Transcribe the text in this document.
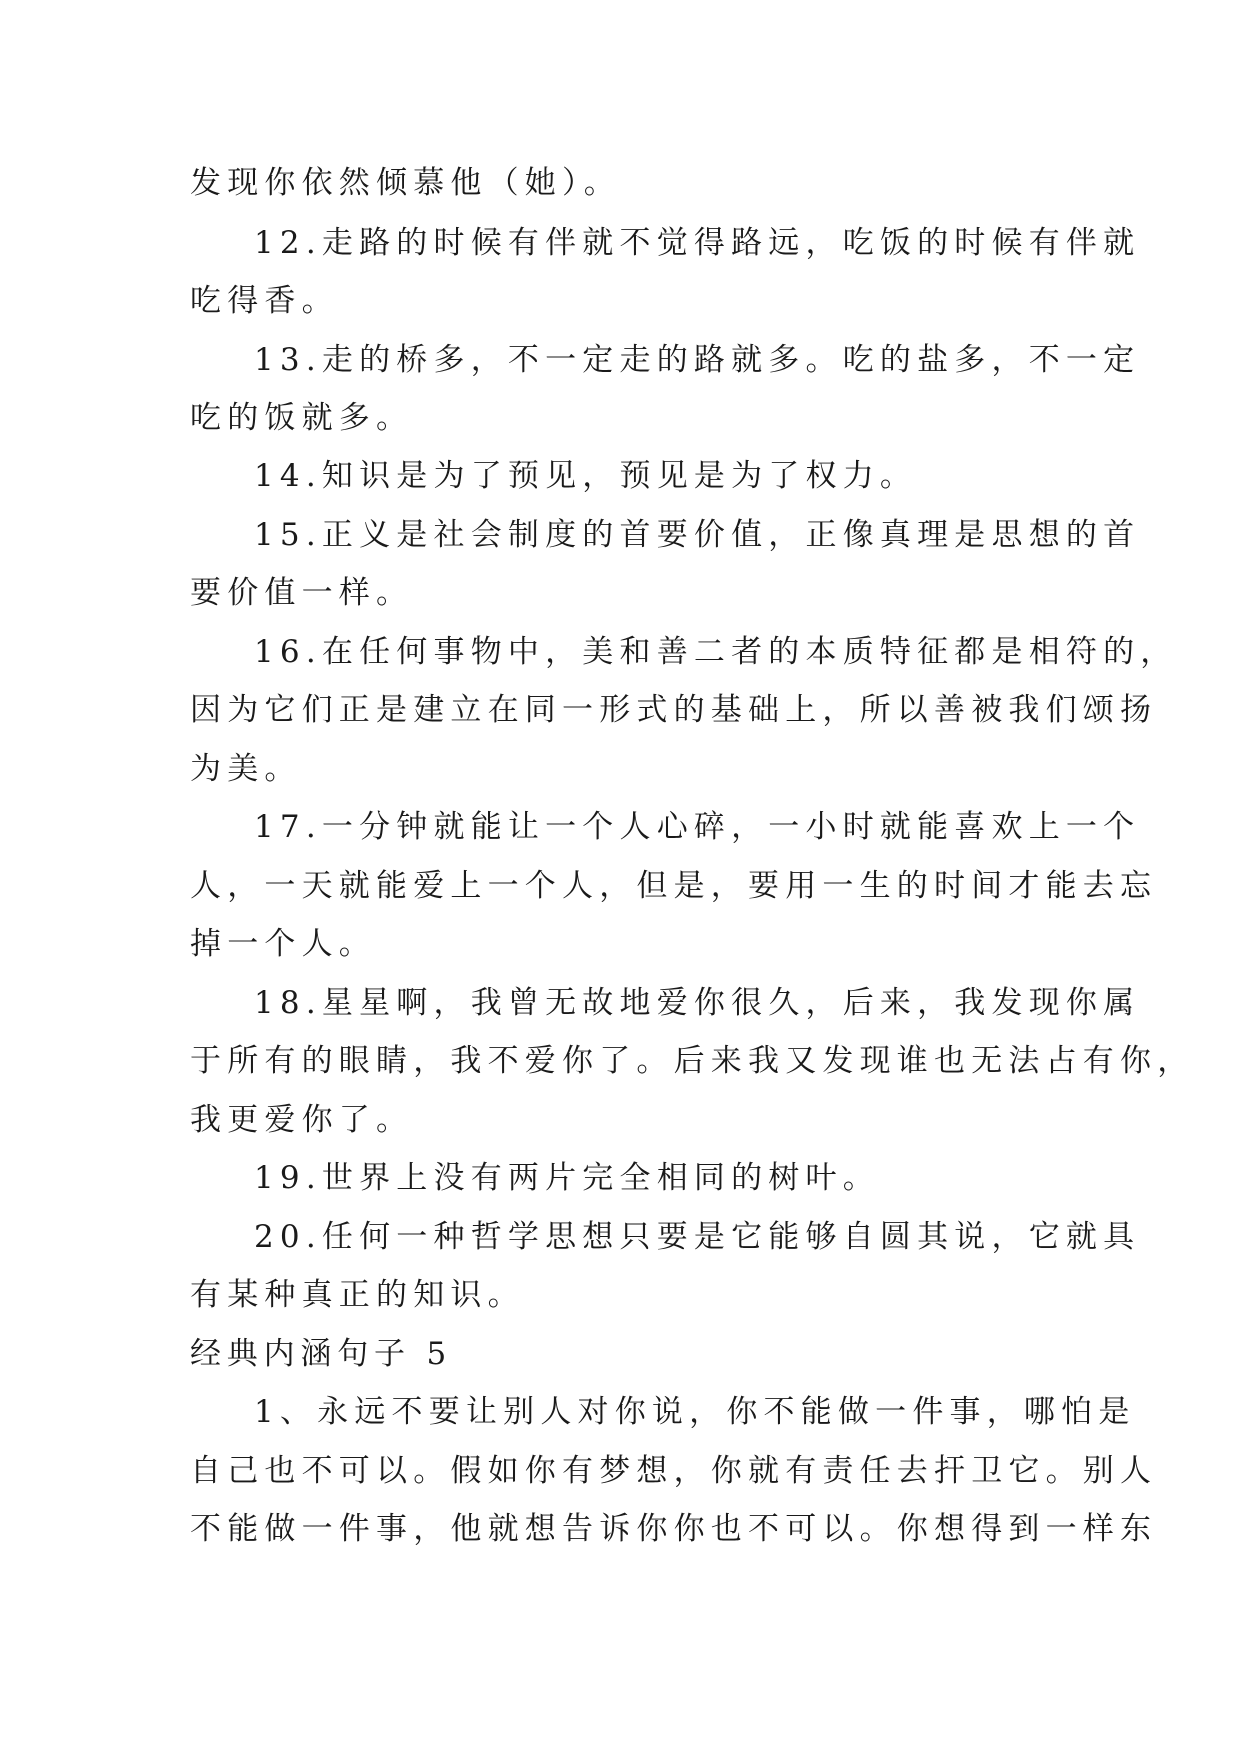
发现你依然倾慕他（她）。
12.走路的时候有伴就不觉得路远，吃饭的时候有伴就
吃得香。
13.走的桥多，不一定走的路就多。吃的盐多，不一定
吃的饭就多。
14.知识是为了预见，预见是为了权力。
15.正义是社会制度的首要价值，正像真理是思想的首
要价值一样。
16.在任何事物中，美和善二者的本质特征都是相符的，
因为它们正是建立在同一形式的基础上，所以善被我们颂扬
为美。
17.一分钟就能让一个人心碎，一小时就能喜欢上一个
人，一天就能爱上一个人，但是，要用一生的时间才能去忘
掉一个人。
18.星星啊，我曾无故地爱你很久，后来，我发现你属
于所有的眼睛，我不爱你了。后来我又发现谁也无法占有你，
我更爱你了。
19.世界上没有两片完全相同的树叶。
20.任何一种哲学思想只要是它能够自圆其说，它就具
有某种真正的知识。
经典内涵句子 5
1、永远不要让别人对你说，你不能做一件事，哪怕是
自己也不可以。假如你有梦想，你就有责任去扞卫它。别人
不能做一件事，他就想告诉你你也不可以。你想得到一样东
